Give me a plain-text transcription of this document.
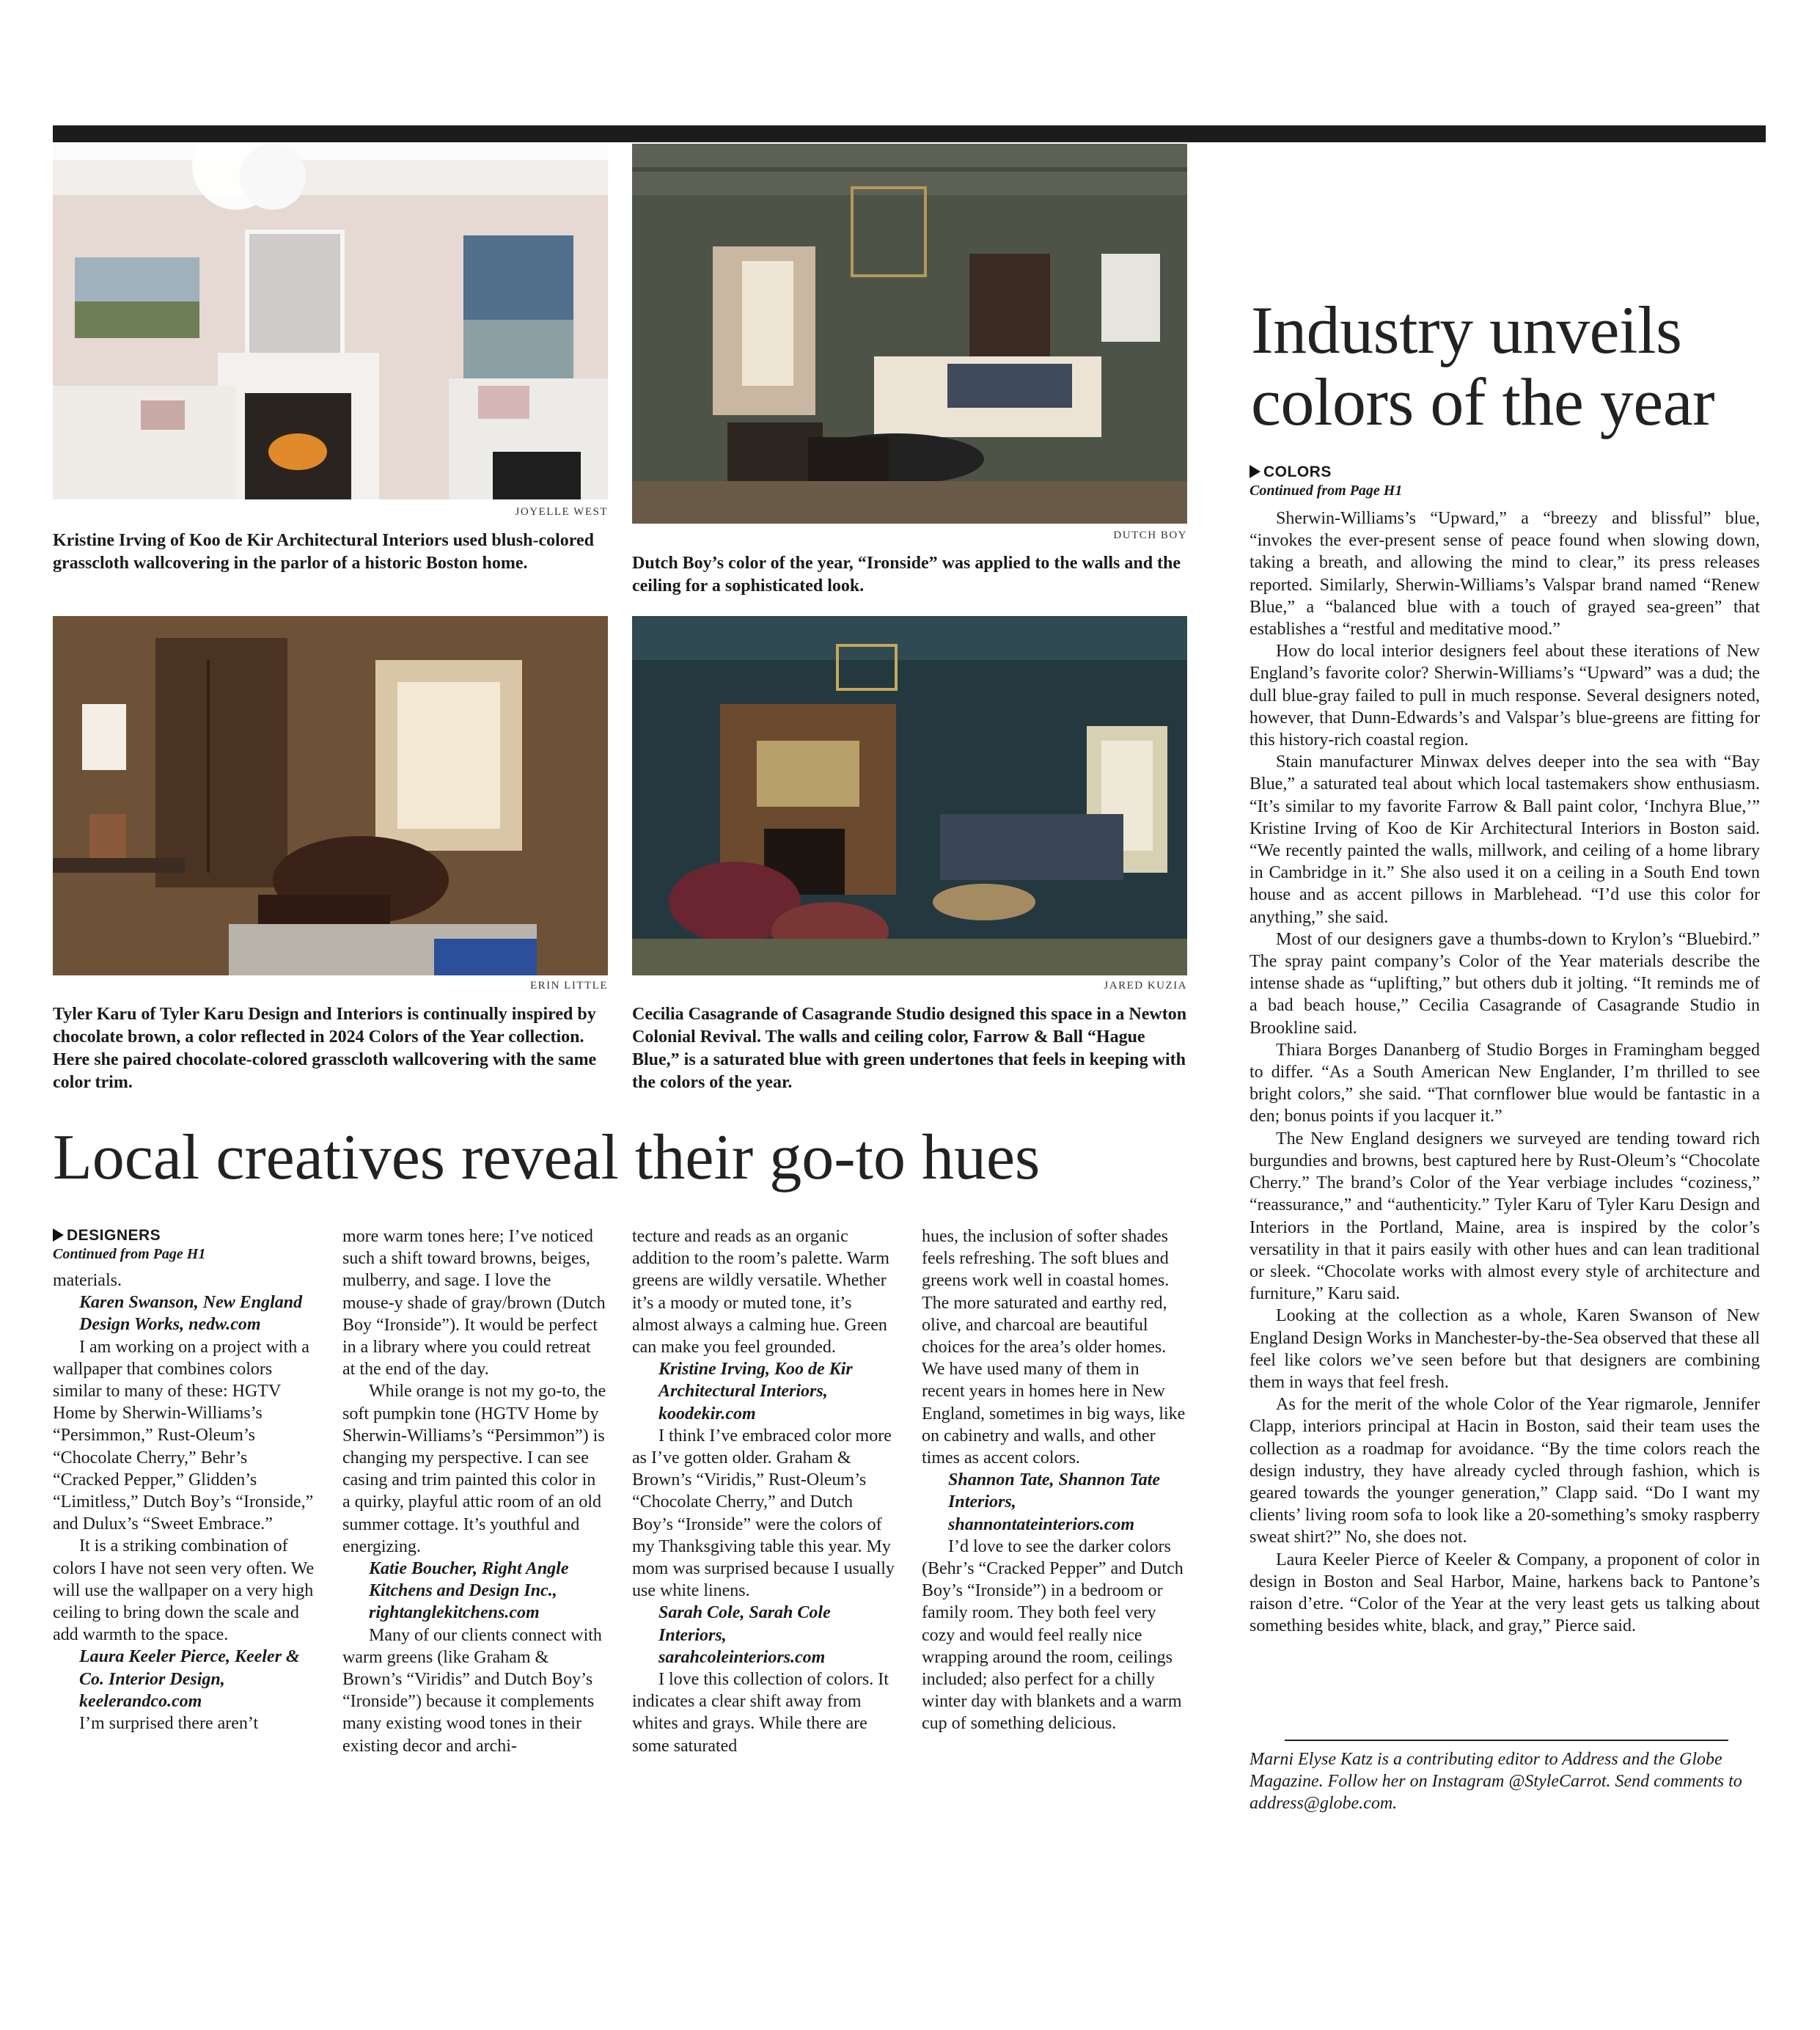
JOYELLE WEST
Kristine Irving of Koo de Kir Architectural Interiors used blush-colored grasscloth wallcovering in the parlor of a historic Boston home.
DUTCH BOY
Dutch Boy’s color of the year, “Ironside” was applied to the walls and the ceiling for a sophisticated look.
ERIN LITTLE
Tyler Karu of Tyler Karu Design and Interiors is continually inspired by chocolate brown, a color reflected in 2024 Colors of the Year collection. Here she paired chocolate-colored grasscloth wallcovering with the same color trim.
JARED KUZIA
Cecilia Casagrande of Casagrande Studio designed this space in a Newton Colonial Revival. The walls and ceiling color, Farrow & Ball “Hague Blue,” is a saturated blue with green undertones that feels in keeping with the colors of the year.
Industry unveils colors of the year
COLORS
Continued from Page H1

Sherwin-Williams’s “Upward,” a “breezy and blissful” blue, “invokes the ever-present sense of peace found when slowing down, taking a breath, and allowing the mind to clear,” its press releases reported. Similarly, Sherwin-Williams’s Valspar brand named “Renew Blue,” a “balanced blue with a touch of grayed sea-green” that establishes a “restful and meditative mood.”

How do local interior designers feel about these iterations of New England’s favorite color? Sherwin-Williams’s “Upward” was a dud; the dull blue-gray failed to pull in much response. Several designers noted, however, that Dunn-Edwards’s and Valspar’s blue-greens are fitting for this history-rich coastal region.

Stain manufacturer Minwax delves deeper into the sea with “Bay Blue,” a saturated teal about which local tastemakers show enthusiasm. “It’s similar to my favorite Farrow & Ball paint color, ‘Inchyra Blue,’” Kristine Irving of Koo de Kir Architectural Interiors in Boston said. “We recently painted the walls, millwork, and ceiling of a home library in Cambridge in it.” She also used it on a ceiling in a South End town house and as accent pillows in Marblehead. “I’d use this color for anything,” she said.

Most of our designers gave a thumbs-down to Krylon’s “Bluebird.” The spray paint company’s Color of the Year materials describe the intense shade as “uplifting,” but others dub it jolting. “It reminds me of a bad beach house,” Cecilia Casagrande of Casagrande Studio in Brookline said.

Thiara Borges Dananberg of Studio Borges in Framingham begged to differ. “As a South American New Englander, I’m thrilled to see bright colors,” she said. “That cornflower blue would be fantastic in a den; bonus points if you lacquer it.”

The New England designers we surveyed are tending toward rich burgundies and browns, best captured here by Rust-Oleum’s “Chocolate Cherry.” The brand’s Color of the Year verbiage includes “coziness,” “reassurance,” and “authenticity.” Tyler Karu of Tyler Karu Design and Interiors in the Portland, Maine, area is inspired by the color’s versatility in that it pairs easily with other hues and can lean traditional or sleek. “Chocolate works with almost every style of architecture and furniture,” Karu said.

Looking at the collection as a whole, Karen Swanson of New England Design Works in Manchester-by-the-Sea observed that these all feel like colors we’ve seen before but that designers are combining them in ways that feel fresh.

As for the merit of the whole Color of the Year rigmarole, Jennifer Clapp, interiors principal at Hacin in Boston, said their team uses the collection as a roadmap for avoidance. “By the time colors reach the design industry, they have already cycled through fashion, which is geared towards the younger generation,” Clapp said. “Do I want my clients’ living room sofa to look like a 20-something’s smoky raspberry sweat shirt?” No, she does not.

Laura Keeler Pierce of Keeler & Company, a proponent of color in design in Boston and Seal Harbor, Maine, harkens back to Pantone’s raison d’etre. “Color of the Year at the very least gets us talking about something besides white, black, and gray,” Pierce said.

Marni Elyse Katz is a contributing editor to Address and the Globe Magazine. Follow her on Instagram @StyleCarrot. Send comments to address@globe.com.
Local creatives reveal their go-to hues
DESIGNERS
Continued from Page H1

materials.

Karen Swanson, New England Design Works, nedw.com

I am working on a project with a wallpaper that combines colors similar to many of these: HGTV Home by Sherwin-Williams’s “Persimmon,” Rust-Oleum’s “Chocolate Cherry,” Behr’s “Cracked Pepper,” Glidden’s “Limitless,” Dutch Boy’s “Ironside,” and Dulux’s “Sweet Embrace.”

It is a striking combination of colors I have not seen very often. We will use the wallpaper on a very high ceiling to bring down the scale and add warmth to the space.

Laura Keeler Pierce, Keeler & Co. Interior Design, keelerandco.com

I’m surprised there aren’t

more warm tones here; I’ve noticed such a shift toward browns, beiges, mulberry, and sage. I love the mouse-y shade of gray/brown (Dutch Boy “Ironside”). It would be perfect in a library where you could retreat at the end of the day.

While orange is not my go-to, the soft pumpkin tone (HGTV Home by Sherwin-Williams’s “Persimmon”) is changing my perspective. I can see casing and trim painted this color in a quirky, playful attic room of an old summer cottage. It’s youthful and energizing.

Katie Boucher, Right Angle Kitchens and Design Inc., rightanglekitchens.com

Many of our clients connect with warm greens (like Graham & Brown’s “Viridis” and Dutch Boy’s “Ironside”) because it complements many existing wood tones in their existing decor and archi-

tecture and reads as an organic addition to the room’s palette. Warm greens are wildly versatile. Whether it’s a moody or muted tone, it’s almost always a calming hue. Green can make you feel grounded.

Kristine Irving, Koo de Kir Architectural Interiors, koodekir.com

I think I’ve embraced color more as I’ve gotten older. Graham & Brown’s “Viridis,” Rust-Oleum’s “Chocolate Cherry,” and Dutch Boy’s “Ironside” were the colors of my Thanksgiving table this year. My mom was surprised because I usually use white linens.

Sarah Cole, Sarah Cole Interiors, sarahcoleinteriors.com

I love this collection of colors. It indicates a clear shift away from whites and grays. While there are some saturated

hues, the inclusion of softer shades feels refreshing. The soft blues and greens work well in coastal homes. The more saturated and earthy red, olive, and charcoal are beautiful choices for the area’s older homes. We have used many of them in recent years in homes here in New England, sometimes in big ways, like on cabinetry and walls, and other times as accent colors.

Shannon Tate, Shannon Tate Interiors, shannontateinteriors.com

I’d love to see the darker colors (Behr’s “Cracked Pepper” and Dutch Boy’s “Ironside”) in a bedroom or family room. They both feel very cozy and would feel really nice wrapping around the room, ceilings included; also perfect for a chilly winter day with blankets and a warm cup of something delicious.
